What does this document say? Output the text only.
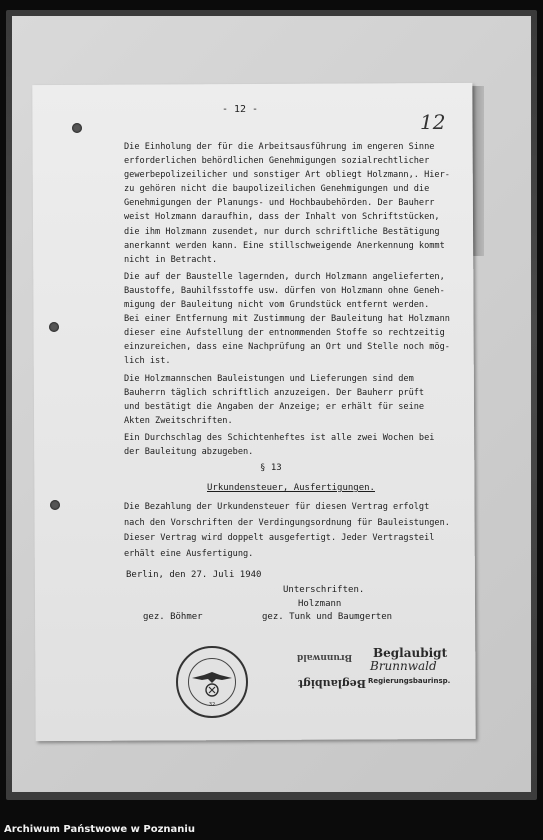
- 12 -
12
Die Einholung der für die Arbeitsausführung im engeren Sinne
erforderlichen behördlichen Genehmigungen sozialrechtlicher
gewerbepolizeilicher und sonstiger Art obliegt Holzmann,. Hier-
zu gehören nicht die baupolizeilichen Genehmigungen und die
Genehmigungen der Planungs- und Hochbaubehörden. Der Bauherr
weist Holzmann daraufhin, dass der Inhalt von Schriftstücken,
die ihm Holzmann zusendet, nur durch schriftliche Bestätigung
anerkannt werden kann. Eine stillschweigende Anerkennung kommt
nicht in Betracht.
Die auf der Baustelle lagernden, durch Holzmann angelieferten,
Baustoffe, Bauhilfsstoffe usw. dürfen von Holzmann ohne Geneh-
migung der Bauleitung nicht vom Grundstück entfernt werden.
Bei einer Entfernung mit Zustimmung der Bauleitung hat Holzmann
dieser eine Aufstellung der entnommenden Stoffe so rechtzeitig
einzureichen, dass eine Nachprüfung an Ort und Stelle noch mög-
lich ist.
Die Holzmannschen Bauleistungen und Lieferungen sind dem
Bauherrn täglich schriftlich anzuzeigen. Der Bauherr prüft
und bestätigt die Angaben der Anzeige; er erhält für seine
Akten Zweitschriften.
Ein Durchschlag des Schichtenheftes ist alle zwei Wochen bei
der Bauleitung abzugeben.
§ 13
Urkundensteuer, Ausfertigungen.
Die Bezahlung der Urkundensteuer für diesen Vertrag erfolgt
nach den Vorschriften der Verdingungsordnung für Bauleistungen.
Dieser Vertrag wird doppelt ausgefertigt. Jeder Vertragsteil
erhält eine Ausfertigung.
Berlin, den 27. Juli 1940
Unterschriften.
Holzmann
gez. Böhmer	gez. Tunk und Baumgerten
32
Brunnwald
Beglaubigt
Beglaubigt
Brunnwald
Regierungsbaurinsp.
Archiwum Państwowe w Poznaniu
